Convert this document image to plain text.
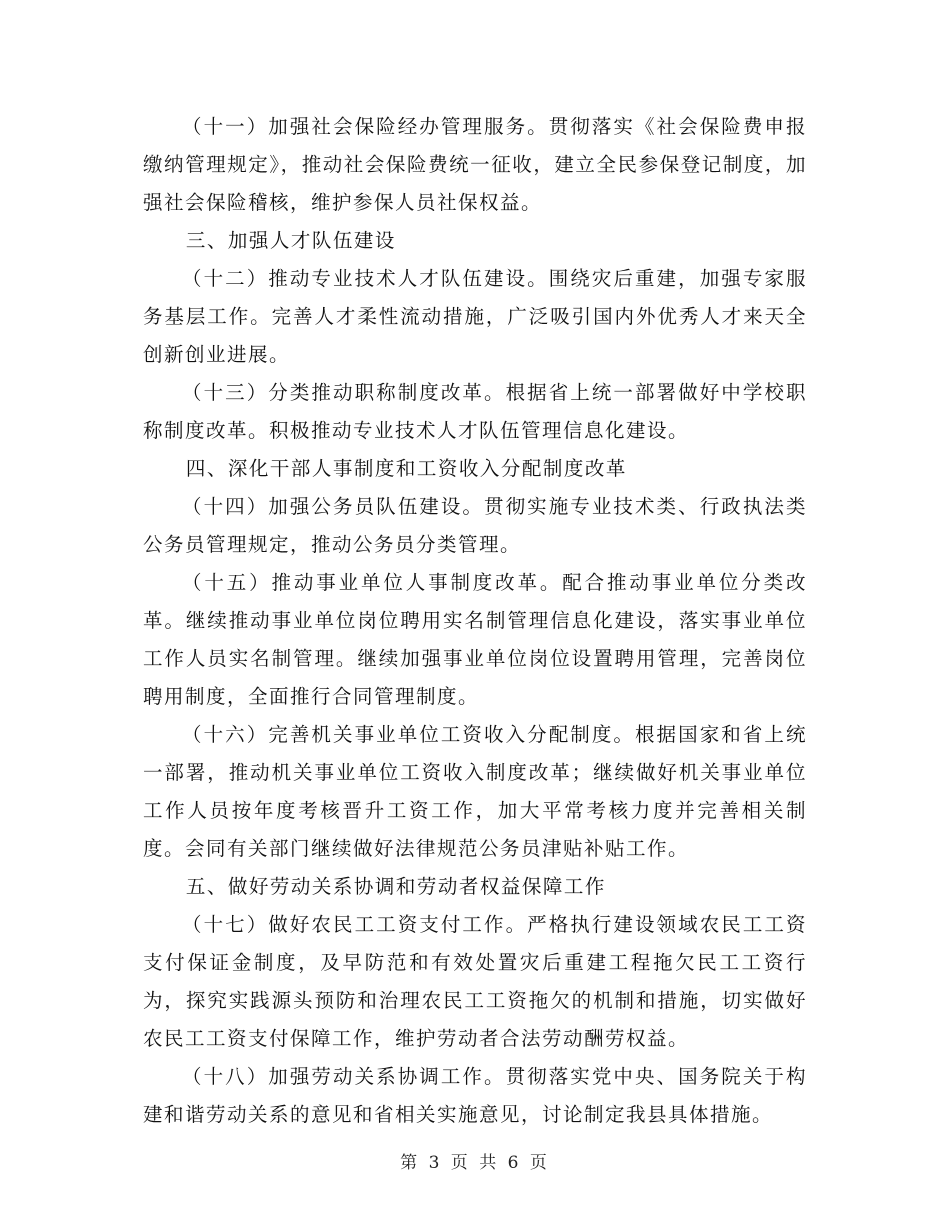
（十一）加强社会保险经办管理服务。贯彻落实《社会保险费申报缴纳管理规定》，推动社会保险费统一征收，建立全民参保登记制度，加强社会保险稽核，维护参保人员社保权益。

三、加强人才队伍建设

（十二）推动专业技术人才队伍建设。围绕灾后重建，加强专家服务基层工作。完善人才柔性流动措施，广泛吸引国内外优秀人才来天全创新创业进展。

（十三）分类推动职称制度改革。根据省上统一部署做好中学校职称制度改革。积极推动专业技术人才队伍管理信息化建设。

四、深化干部人事制度和工资收入分配制度改革

（十四）加强公务员队伍建设。贯彻实施专业技术类、行政执法类公务员管理规定，推动公务员分类管理。

（十五）推动事业单位人事制度改革。配合推动事业单位分类改革。继续推动事业单位岗位聘用实名制管理信息化建设，落实事业单位工作人员实名制管理。继续加强事业单位岗位设置聘用管理，完善岗位聘用制度，全面推行合同管理制度。

（十六）完善机关事业单位工资收入分配制度。根据国家和省上统一部署，推动机关事业单位工资收入制度改革；继续做好机关事业单位工作人员按年度考核晋升工资工作，加大平常考核力度并完善相关制度。会同有关部门继续做好法律规范公务员津贴补贴工作。

五、做好劳动关系协调和劳动者权益保障工作

（十七）做好农民工工资支付工作。严格执行建设领域农民工工资支付保证金制度，及早防范和有效处置灾后重建工程拖欠民工工资行为，探究实践源头预防和治理农民工工资拖欠的机制和措施，切实做好农民工工资支付保障工作，维护劳动者合法劳动酬劳权益。

（十八）加强劳动关系协调工作。贯彻落实党中央、国务院关于构建和谐劳动关系的意见和省相关实施意见，讨论制定我县具体措施。

第 3 页 共 6 页
